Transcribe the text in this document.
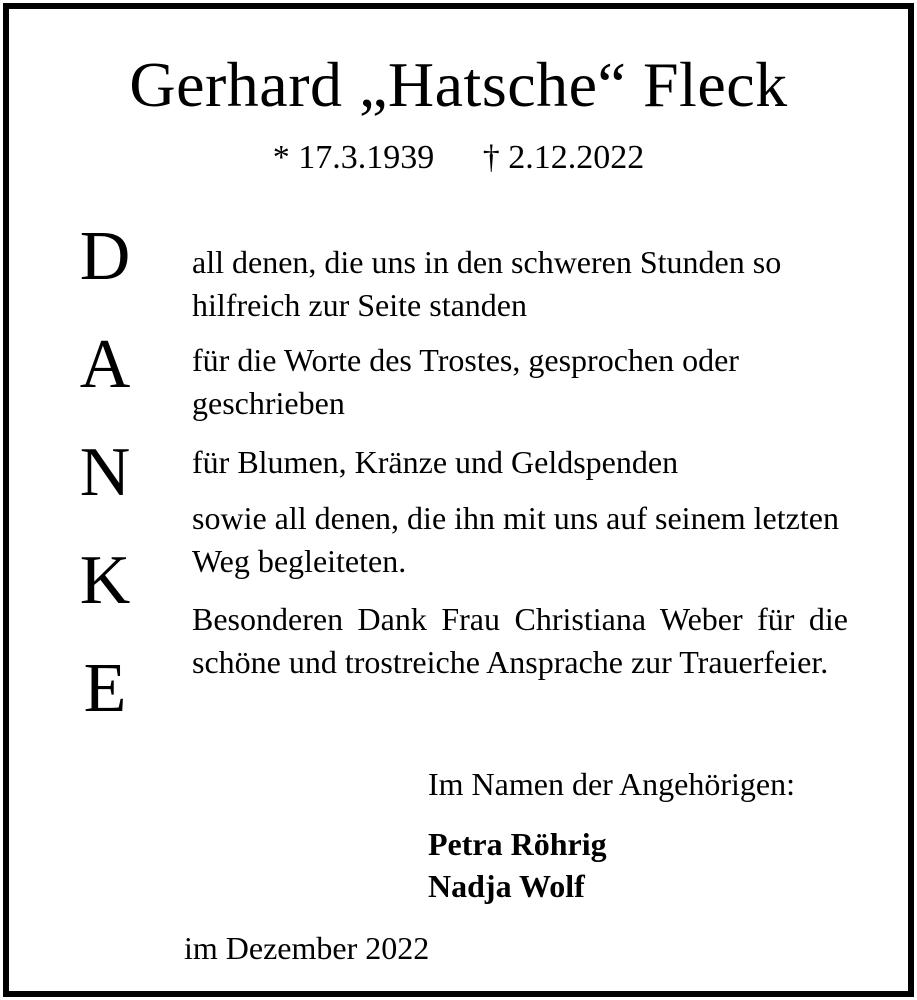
Gerhard „Hatsche“ Fleck
* 17.3.1939 † 2.12.2022
D
A
N
K
E
all denen, die uns in den schweren Stunden so hilfreich zur Seite standen
für die Worte des Trostes, gesprochen oder geschrieben
für Blumen, Kränze und Geldspenden
sowie all denen, die ihn mit uns auf seinem letzten Weg begleiteten.
Besonderen Dank Frau Christiana Weber für die schöne und trostreiche Ansprache zur Trauerfeier.
Im Namen der Angehörigen:
Petra Röhrig
Nadja Wolf
im Dezember 2022
